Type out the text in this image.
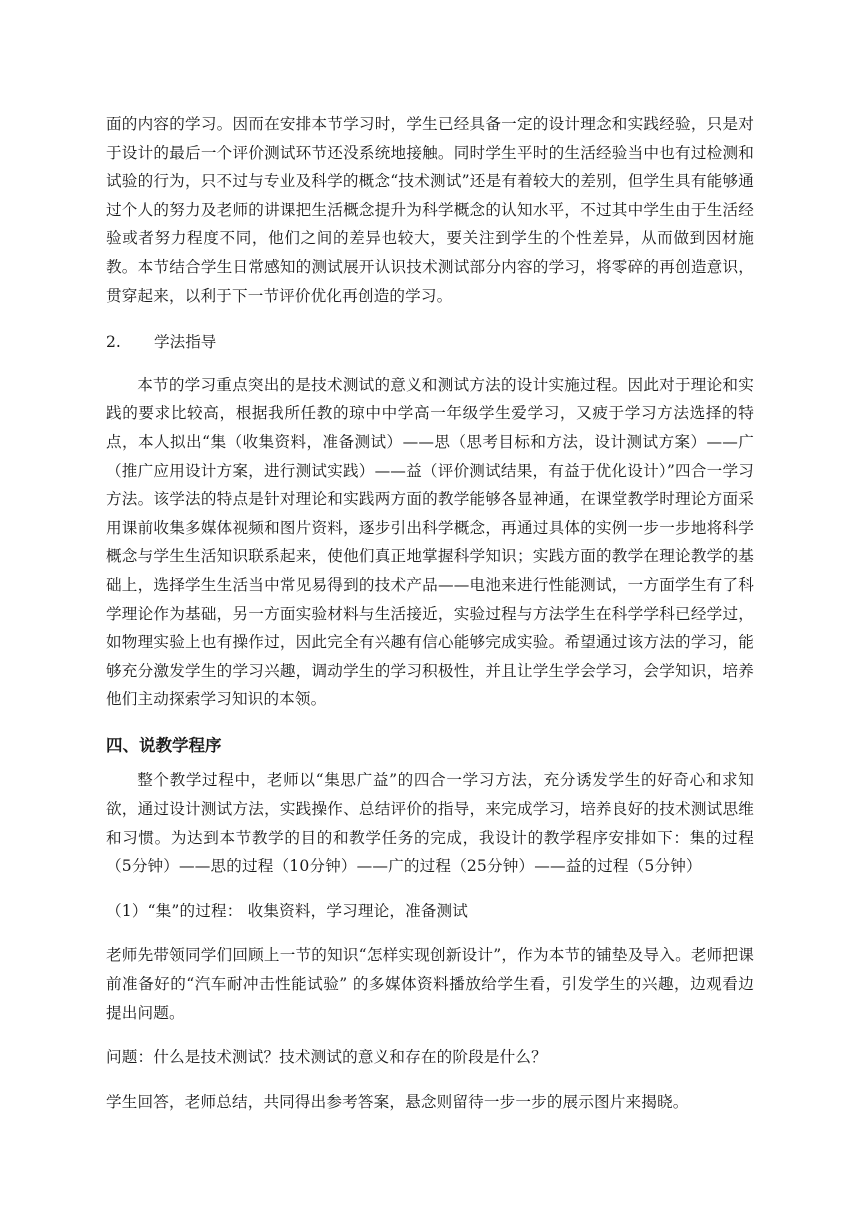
面的内容的学习。因而在安排本节学习时，学生已经具备一定的设计理念和实践经验，只是对于设计的最后一个评价测试环节还没系统地接触。同时学生平时的生活经验当中也有过检测和试验的行为，只不过与专业及科学的概念“技术测试”还是有着较大的差别，但学生具有能够通过个人的努力及老师的讲课把生活概念提升为科学概念的认知水平，不过其中学生由于生活经验或者努力程度不同，他们之间的差异也较大，要关注到学生的个性差异，从而做到因材施教。本节结合学生日常感知的测试展开认识技术测试部分内容的学习，将零碎的再创造意识，贯穿起来，以利于下一节评价优化再创造的学习。

2.	学法指导

本节的学习重点突出的是技术测试的意义和测试方法的设计实施过程。因此对于理论和实践的要求比较高，根据我所任教的琼中中学高一年级学生爱学习，又疲于学习方法选择的特点，本人拟出“集（收集资料，准备测试）——思（思考目标和方法，设计测试方案）——广（推广应用设计方案，进行测试实践）——益（评价测试结果，有益于优化设计）”四合一学习方法。该学法的特点是针对理论和实践两方面的教学能够各显神通，在课堂教学时理论方面采用课前收集多媒体视频和图片资料，逐步引出科学概念，再通过具体的实例一步一步地将科学概念与学生生活知识联系起来，使他们真正地掌握科学知识；实践方面的教学在理论教学的基础上，选择学生生活当中常见易得到的技术产品——电池来进行性能测试，一方面学生有了科学理论作为基础，另一方面实验材料与生活接近，实验过程与方法学生在科学学科已经学过，如物理实验上也有操作过，因此完全有兴趣有信心能够完成实验。希望通过该方法的学习，能够充分激发学生的学习兴趣，调动学生的学习积极性，并且让学生学会学习，会学知识，培养他们主动探索学习知识的本领。

四、说教学程序

整个教学过程中，老师以“集思广益”的四合一学习方法，充分诱发学生的好奇心和求知欲，通过设计测试方法，实践操作、总结评价的指导，来完成学习，培养良好的技术测试思维和习惯。为达到本节教学的目的和教学任务的完成，我设计的教学程序安排如下：集的过程（5分钟）——思的过程（10分钟）——广的过程（25分钟）——益的过程（5分钟）

（1）“集”的过程： 收集资料，学习理论，准备测试

老师先带领同学们回顾上一节的知识“怎样实现创新设计”，作为本节的铺垫及导入。老师把课前准备好的“汽车耐冲击性能试验” 的多媒体资料播放给学生看，引发学生的兴趣，边观看边提出问题。

问题：什么是技术测试？技术测试的意义和存在的阶段是什么？

学生回答，老师总结，共同得出参考答案，悬念则留待一步一步的展示图片来揭晓。
